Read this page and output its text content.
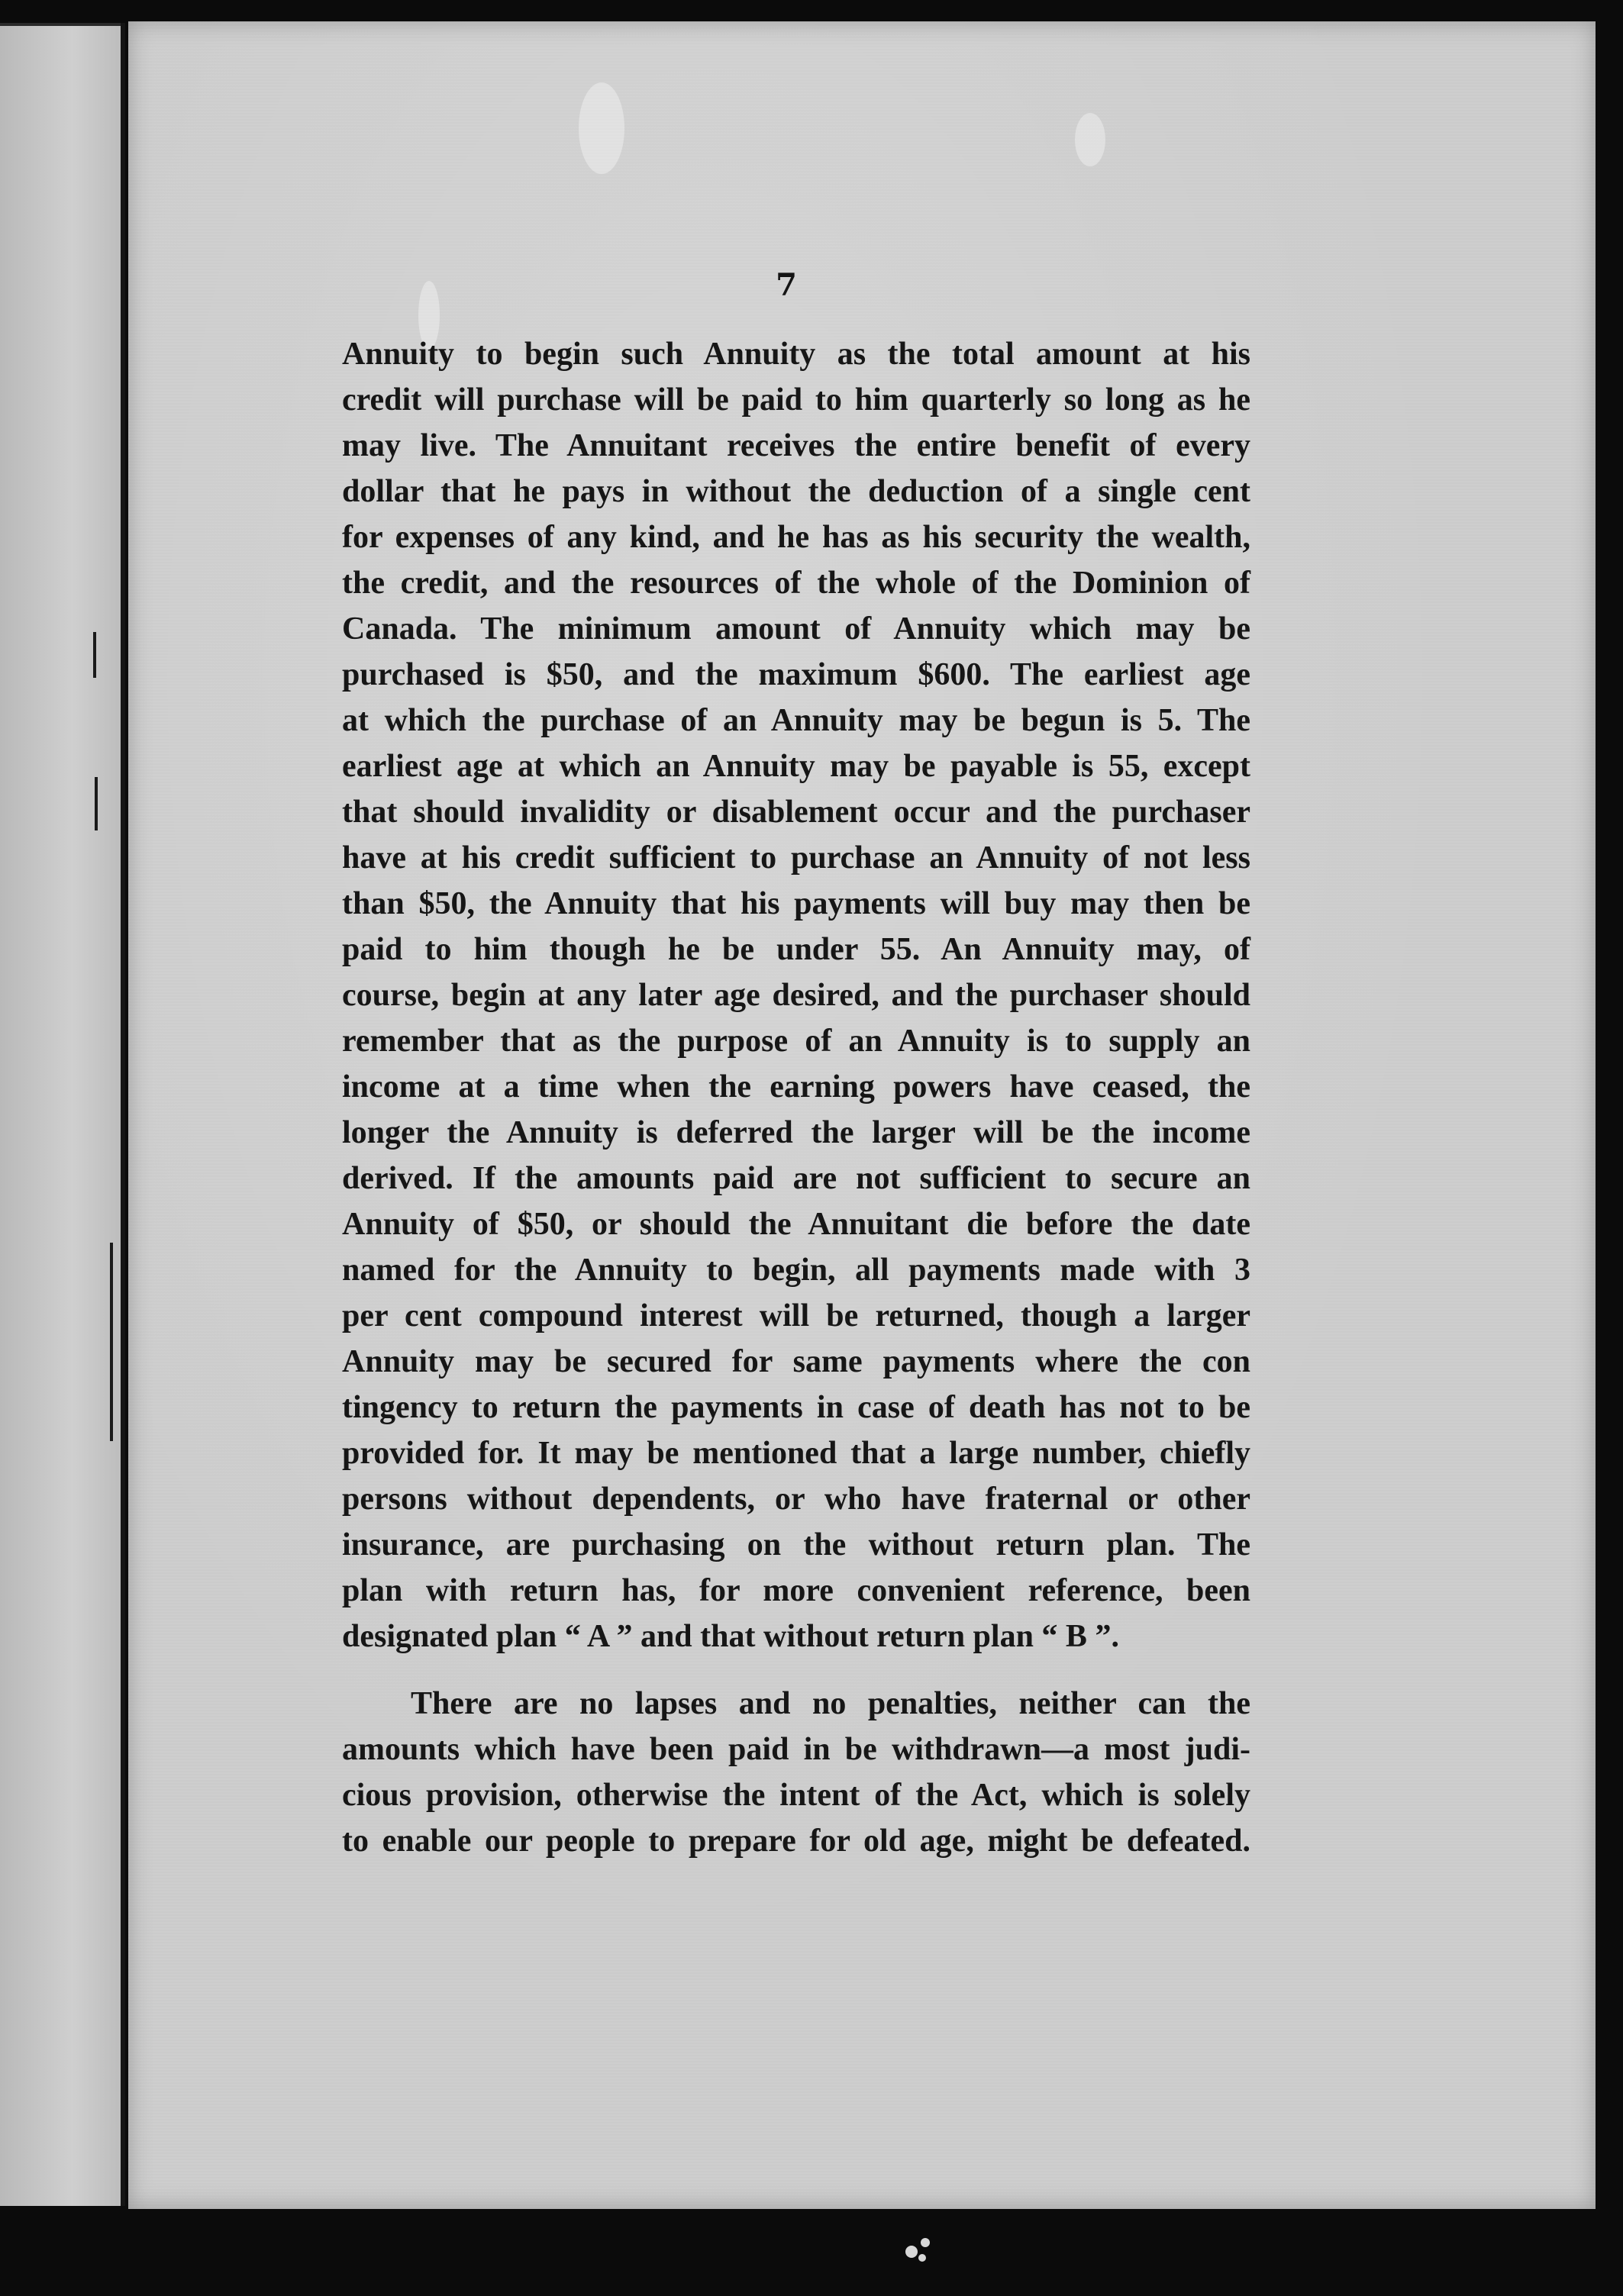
7
Annuity to begin such Annuity as the total amount at his
credit will purchase will be paid to him quarterly so long as he
may live. The Annuitant receives the entire benefit of every
dollar that he pays in without the deduction of a single cent
for expenses of any kind, and he has as his security the wealth,
the credit, and the resources of the whole of the Dominion of
Canada. The minimum amount of Annuity which may be
purchased is $50, and the maximum $600. The earliest age
at which the purchase of an Annuity may be begun is 5. The
earliest age at which an Annuity may be payable is 55, except
that should invalidity or disablement occur and the purchaser
have at his credit sufficient to purchase an Annuity of not less
than $50, the Annuity that his payments will buy may then be
paid to him though he be under 55. An Annuity may, of
course, begin at any later age desired, and the purchaser should
remember that as the purpose of an Annuity is to supply an
income at a time when the earning powers have ceased, the
longer the Annuity is deferred the larger will be the income
derived. If the amounts paid are not sufficient to secure an
Annuity of $50, or should the Annuitant die before the date
named for the Annuity to begin, all payments made with 3
per cent compound interest will be returned, though a larger
Annuity may be secured for same payments where the con
tingency to return the payments in case of death has not to be
provided for. It may be mentioned that a large number, chiefly
persons without dependents, or who have fraternal or other
insurance, are purchasing on the without return plan. The
plan with return has, for more convenient reference, been
designated plan “ A ” and that without return plan “ B ”.
There are no lapses and no penalties, neither can the
amounts which have been paid in be withdrawn—a most judi-
cious provision, otherwise the intent of the Act, which is solely
to enable our people to prepare for old age, might be defeated.
